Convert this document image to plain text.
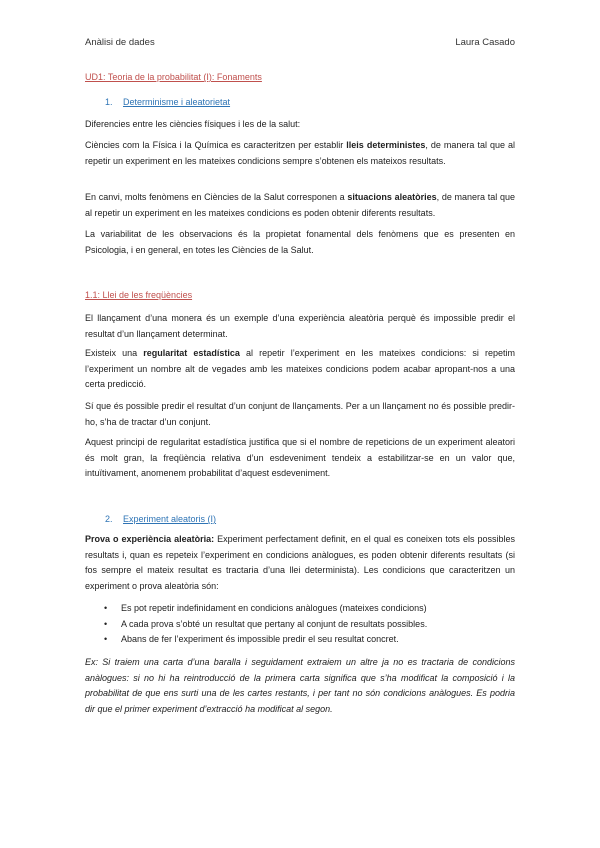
Anàlisi de dades	Laura Casado
UD1: Teoria de la probabilitat (I): Fonaments
1. Determinisme i aleatorietat
Diferencies entre les ciències físiques i les de la salut:
Ciències com la Física i la Química es caracteritzen per establir lleis deterministes, de manera tal que al repetir un experiment en les mateixes condicions sempre s’obtenen els mateixos resultats.
En canvi, molts fenòmens en Ciències de la Salut corresponen a situacions aleatòries, de manera tal que al repetir un experiment en les mateixes condicions es poden obtenir diferents resultats.
La variabilitat de les observacions és la propietat fonamental dels fenòmens que es presenten en Psicologia, i en general, en totes les Ciències de la Salut.
1.1: Llei de les freqüències
El llançament d’una monera és un exemple d’una experiència aleatòria perquè és impossible predir el resultat d’un llançament determinat.
Existeix una regularitat estadística al repetir l’experiment en les mateixes condicions: si repetim l’experiment un nombre alt de vegades amb les mateixes condicions podem acabar apropant-nos a una certa predicció.
Sí que és possible predir el resultat d’un conjunt de llançaments. Per a un llançament no és possible predir-ho, s’ha de tractar d’un conjunt.
Aquest principi de regularitat estadística justifica que si el nombre de repeticions de un experiment aleatori és molt gran, la freqüència relativa d’un esdeveniment tendeix a estabilitzar-se en un valor que, intuïtivament, anomenem probabilitat d’aquest esdeveniment.
2. Experiment aleatoris (I)
Prova o experiència aleatòria: Experiment perfectament definit, en el qual es coneixen tots els possibles resultats i, quan es repeteix l’experiment en condicions anàlogues, es poden obtenir diferents resultats (si fos sempre el mateix resultat es tractaria d’una llei determinista). Les condicions que caracteritzen un experiment o prova aleatòria són:
• Es pot repetir indefinidament en condicions anàlogues (mateixes condicions)
• A cada prova s’obté un resultat que pertany al conjunt de resultats possibles.
• Abans de fer l’experiment és impossible predir el seu resultat concret.
Ex: Si traiem una carta d’una baralla i seguidament extraiem un altre ja no es tractaria de condicions anàlogues: si no hi ha reintroducció de la primera carta significa que s’ha modificat la composició i la probabilitat de que ens surti una de les cartes restants, i per tant no són condicions anàlogues. Es podria dir que el primer experiment d’extracció ha modificat al segon.
